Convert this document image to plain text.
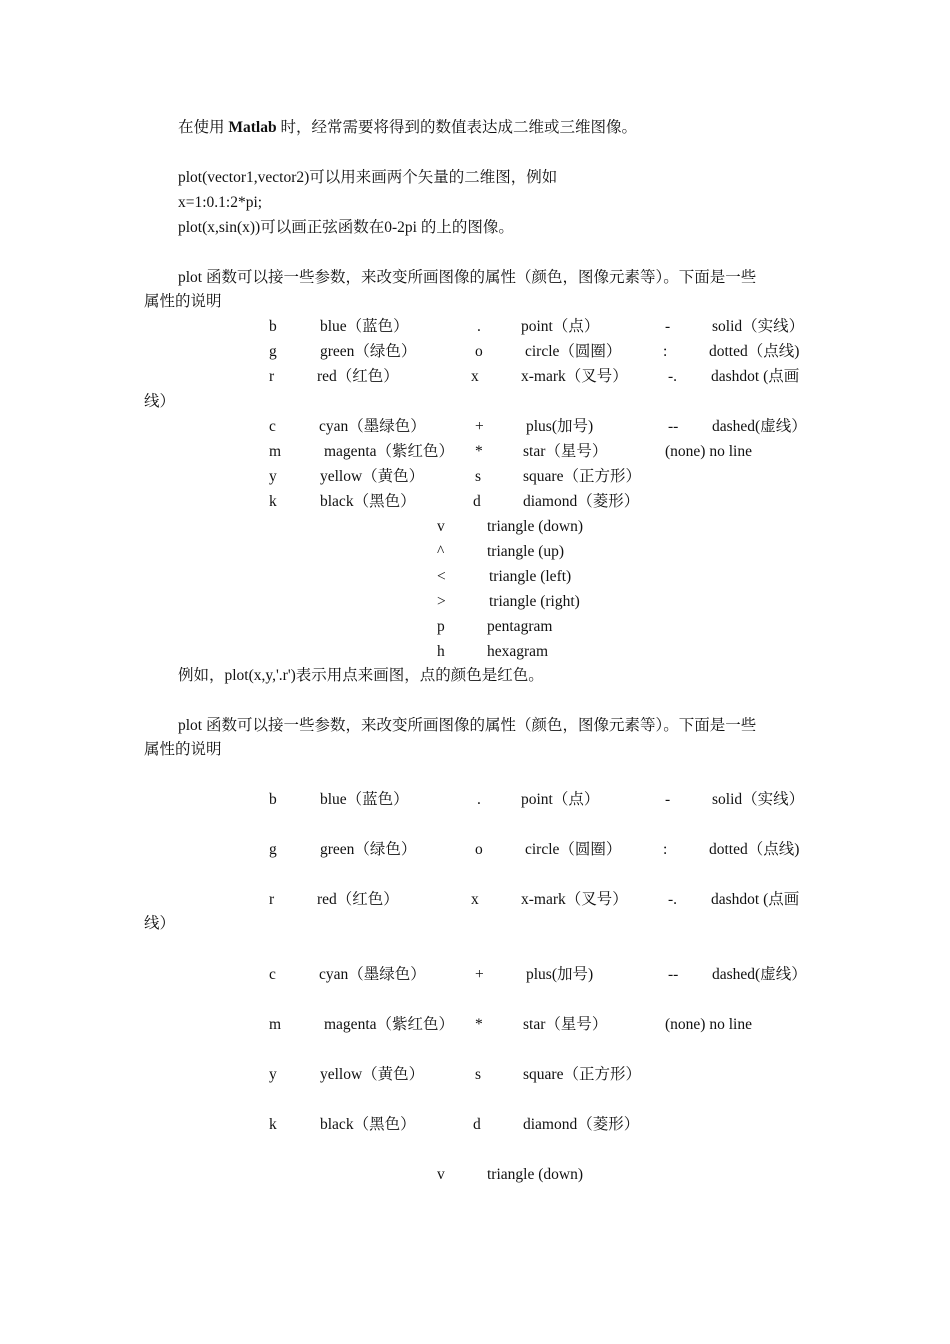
在使用 Matlab 时，经常需要将得到的数值表达成二维或三维图像。
plot(vector1,vector2)可以用来画两个矢量的二维图，例如
x=1:0.1:2*pi;
plot(x,sin(x))可以画正弦函数在0-2pi 的上的图像。
plot 函数可以接一些参数，来改变所画图像的属性（颜色，图像元素等）。下面是一些
属性的说明
b	blue（蓝色）	.	point（点）	-	solid（实线）
g	green（绿色）	o	circle（圆圈）	:	dotted（点线)
r	red（红色）	x	x-mark（叉号）	-. dashdot (点画
线）
c	cyan（墨绿色）	+	plus(加号)	-- dashed(虚线）
m	magenta（紫红色） *	star（星号）	(none) no line
y	yellow（黄色）	s	square（正方形）
k	black（黑色）	d	diamond（菱形）
v	triangle (down)
^	triangle (up)
<	triangle (left)
>	triangle (right)
p	pentagram
h	hexagram
例如，plot(x,y,'.r')表示用点来画图，点的颜色是红色。
plot 函数可以接一些参数，来改变所画图像的属性（颜色，图像元素等）。下面是一些
属性的说明
b	blue（蓝色）	.	point（点）	-	solid（实线）
g	green（绿色）	o	circle（圆圈）	:	dotted（点线)
r	red（红色）	x	x-mark（叉号）	-. dashdot (点画
线）
c	cyan（墨绿色）	+	plus(加号)	-- dashed(虚线）
m	magenta（紫红色） *	star（星号）	(none) no line
y	yellow（黄色）	s	square（正方形）
k	black（黑色）	d	diamond（菱形）
v	triangle (down)
